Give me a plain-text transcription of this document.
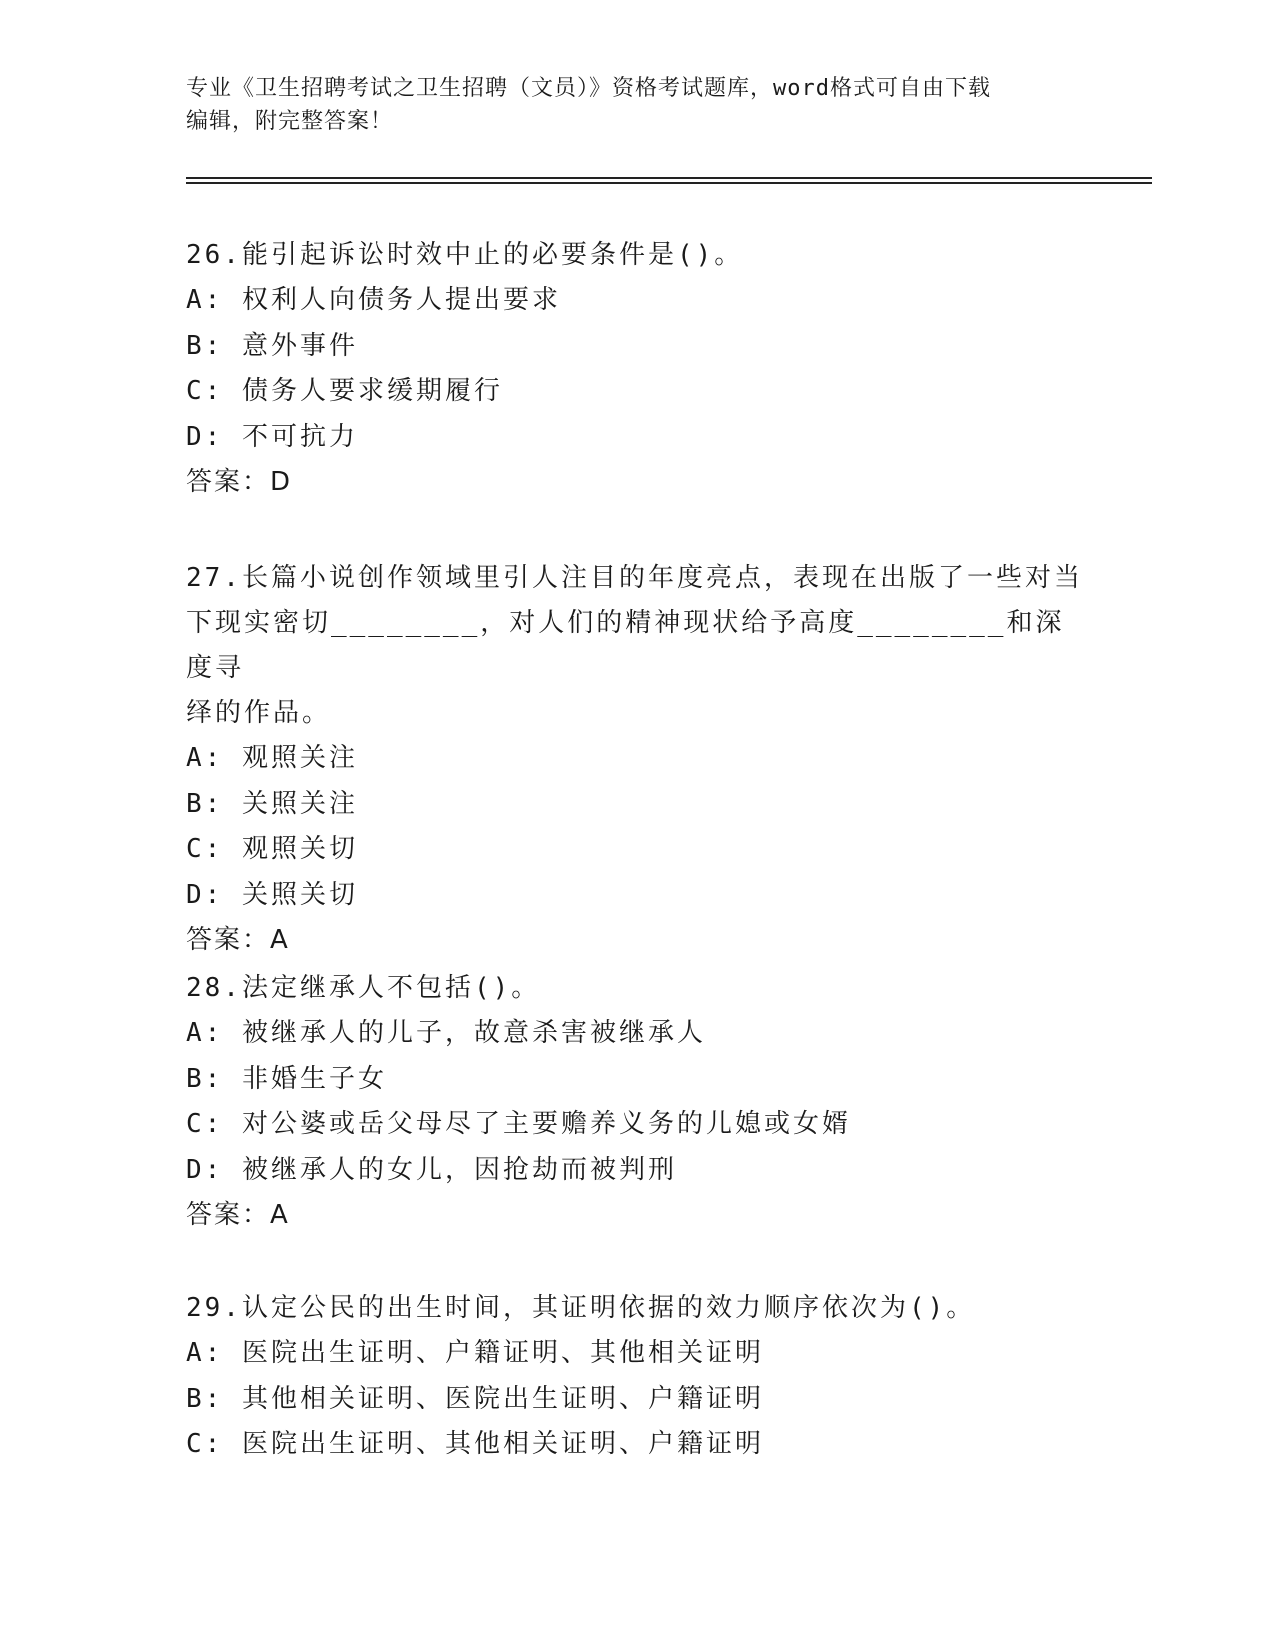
专业《卫生招聘考试之卫生招聘（文员）》资格考试题库，word格式可自由下载
编辑，附完整答案！

26.能引起诉讼时效中止的必要条件是()。

A: 权利人向债务人提出要求

B: 意外事件

C: 债务人要求缓期履行

D: 不可抗力

答案：D

27.长篇小说创作领域里引人注目的年度亮点，表现在出版了一些对当

下现实密切________，对人们的精神现状给予高度________和深度寻

绎的作品。

A: 观照关注

B: 关照关注

C: 观照关切

D: 关照关切

答案：A

28.法定继承人不包括()。

A: 被继承人的儿子，故意杀害被继承人

B: 非婚生子女

C: 对公婆或岳父母尽了主要赡养义务的儿媳或女婿

D: 被继承人的女儿，因抢劫而被判刑

答案：A

29.认定公民的出生时间，其证明依据的效力顺序依次为()。

A: 医院出生证明、户籍证明、其他相关证明

B: 其他相关证明、医院出生证明、户籍证明

C: 医院出生证明、其他相关证明、户籍证明
